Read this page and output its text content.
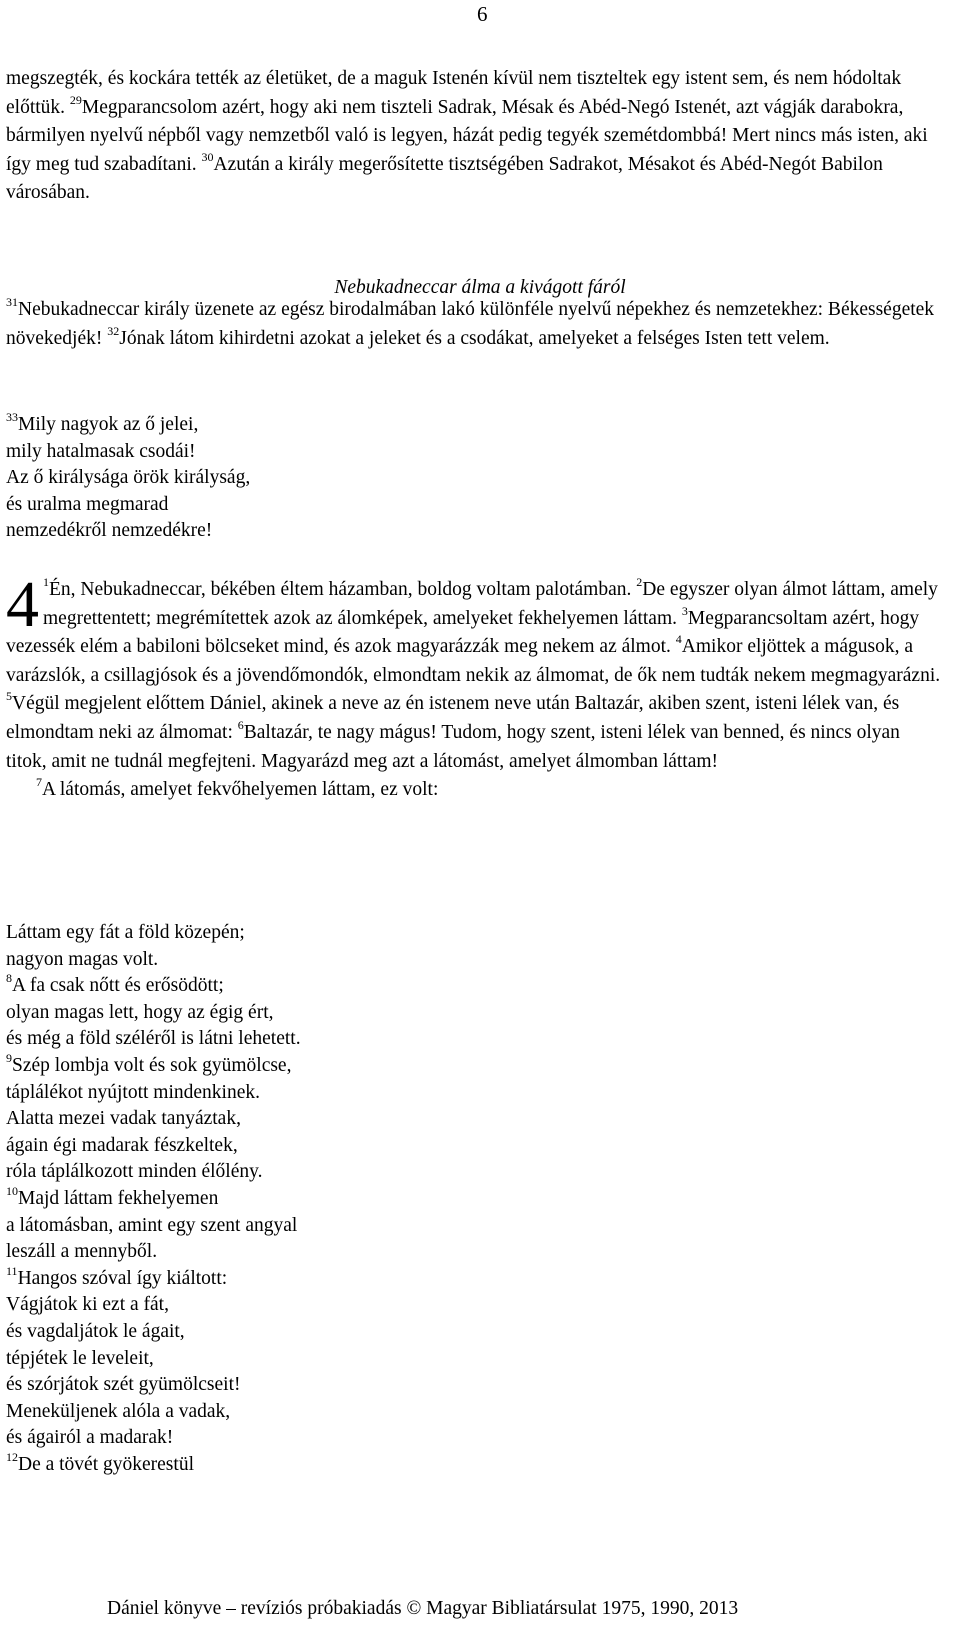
6

megszegték, és kockára tették az életüket, de a maguk Istenén kívül nem tiszteltek egy istent sem, és nem hódoltak előttük. $^{29}$Megparancsolom azért, hogy aki nem tiszteli Sadrak, Mésak és Abéd-Negó Istenét, azt vágják darabokra, bármilyen nyelvű népből vagy nemzetből való is legyen, házát pedig tegyék szemétdombbá! Mert nincs más isten, aki így meg tud szabadítani. $^{30}$Azután a király megerősítette tisztségében Sadrakot, Mésakot és Abéd-Negót Babilon városában.

Nebukadneccar álma a kivágott fáról

$^{31}$Nebukadneccar király üzenete az egész birodalmában lakó különféle nyelvű népekhez és nemzetekhez: Békességetek növekedjék! $^{32}$Jónak látom kihirdetni azokat a jeleket és a csodákat, amelyeket a felséges Isten tett velem.

$^{33}$Mily nagyok az ő jelei,
mily hatalmasak csodái!
Az ő királysága örök királyság,
és uralma megmarad
nemzedékről nemzedékre!

4 $^1$Én, Nebukadneccar, békében éltem házamban, boldog voltam palotámban. $^2$De egyszer olyan álmot láttam, amely megrettentett; megrémítettek azok az álomképek, amelyeket fekhelyemen láttam. $^3$Megparancsoltam azért, hogy vezessék elém a babiloni bölcseket mind, és azok magyarázzák meg nekem az álmot. $^4$Amikor eljöttek a mágusok, a varázslók, a csillagjósok és a jövendőmondók, elmondtam nekik az álmomat, de ők nem tudták nekem megmagyarázni. $^5$Végül megjelent előttem Dániel, akinek a neve az én istenem neve után Baltazár, akiben szent, isteni lélek van, és elmondtam neki az álmomat: $^6$Baltazár, te nagy mágus! Tudom, hogy szent, isteni lélek van benned, és nincs olyan titok, amit ne tudnál megfejteni. Magyarázd meg azt a látomást, amelyet álmomban láttam!

$^7$A látomás, amelyet fekvőhelyemen láttam, ez volt:

Láttam egy fát a föld közepén;
nagyon magas volt.
$^8$A fa csak nőtt és erősödött;
olyan magas lett, hogy az égig ért,
és még a föld széléről is látni lehetett.
$^9$Szép lombja volt és sok gyümölcse,
táplálékot nyújtott mindenkinek.
Alatta mezei vadak tanyáztak,
ágain égi madarak fészkeltek,
róla táplálkozott minden élőlény.
$^{10}$Majd láttam fekhelyemen
a látomásban, amint egy szent angyal
leszáll a mennyből.
$^{11}$Hangos szóval így kiáltott:
Vágjátok ki ezt a fát,
és vagdaljátok le ágait,
tépjétek le leveleit,
és szórjátok szét gyümölcseit!
Meneküljenek alóla a vadak,
és ágairól a madarak!
$^{12}$De a tövét gyökerestül
Dániel könyve – revíziós próbakiadás © Magyar Bibliatársulat 1975, 1990, 2013
